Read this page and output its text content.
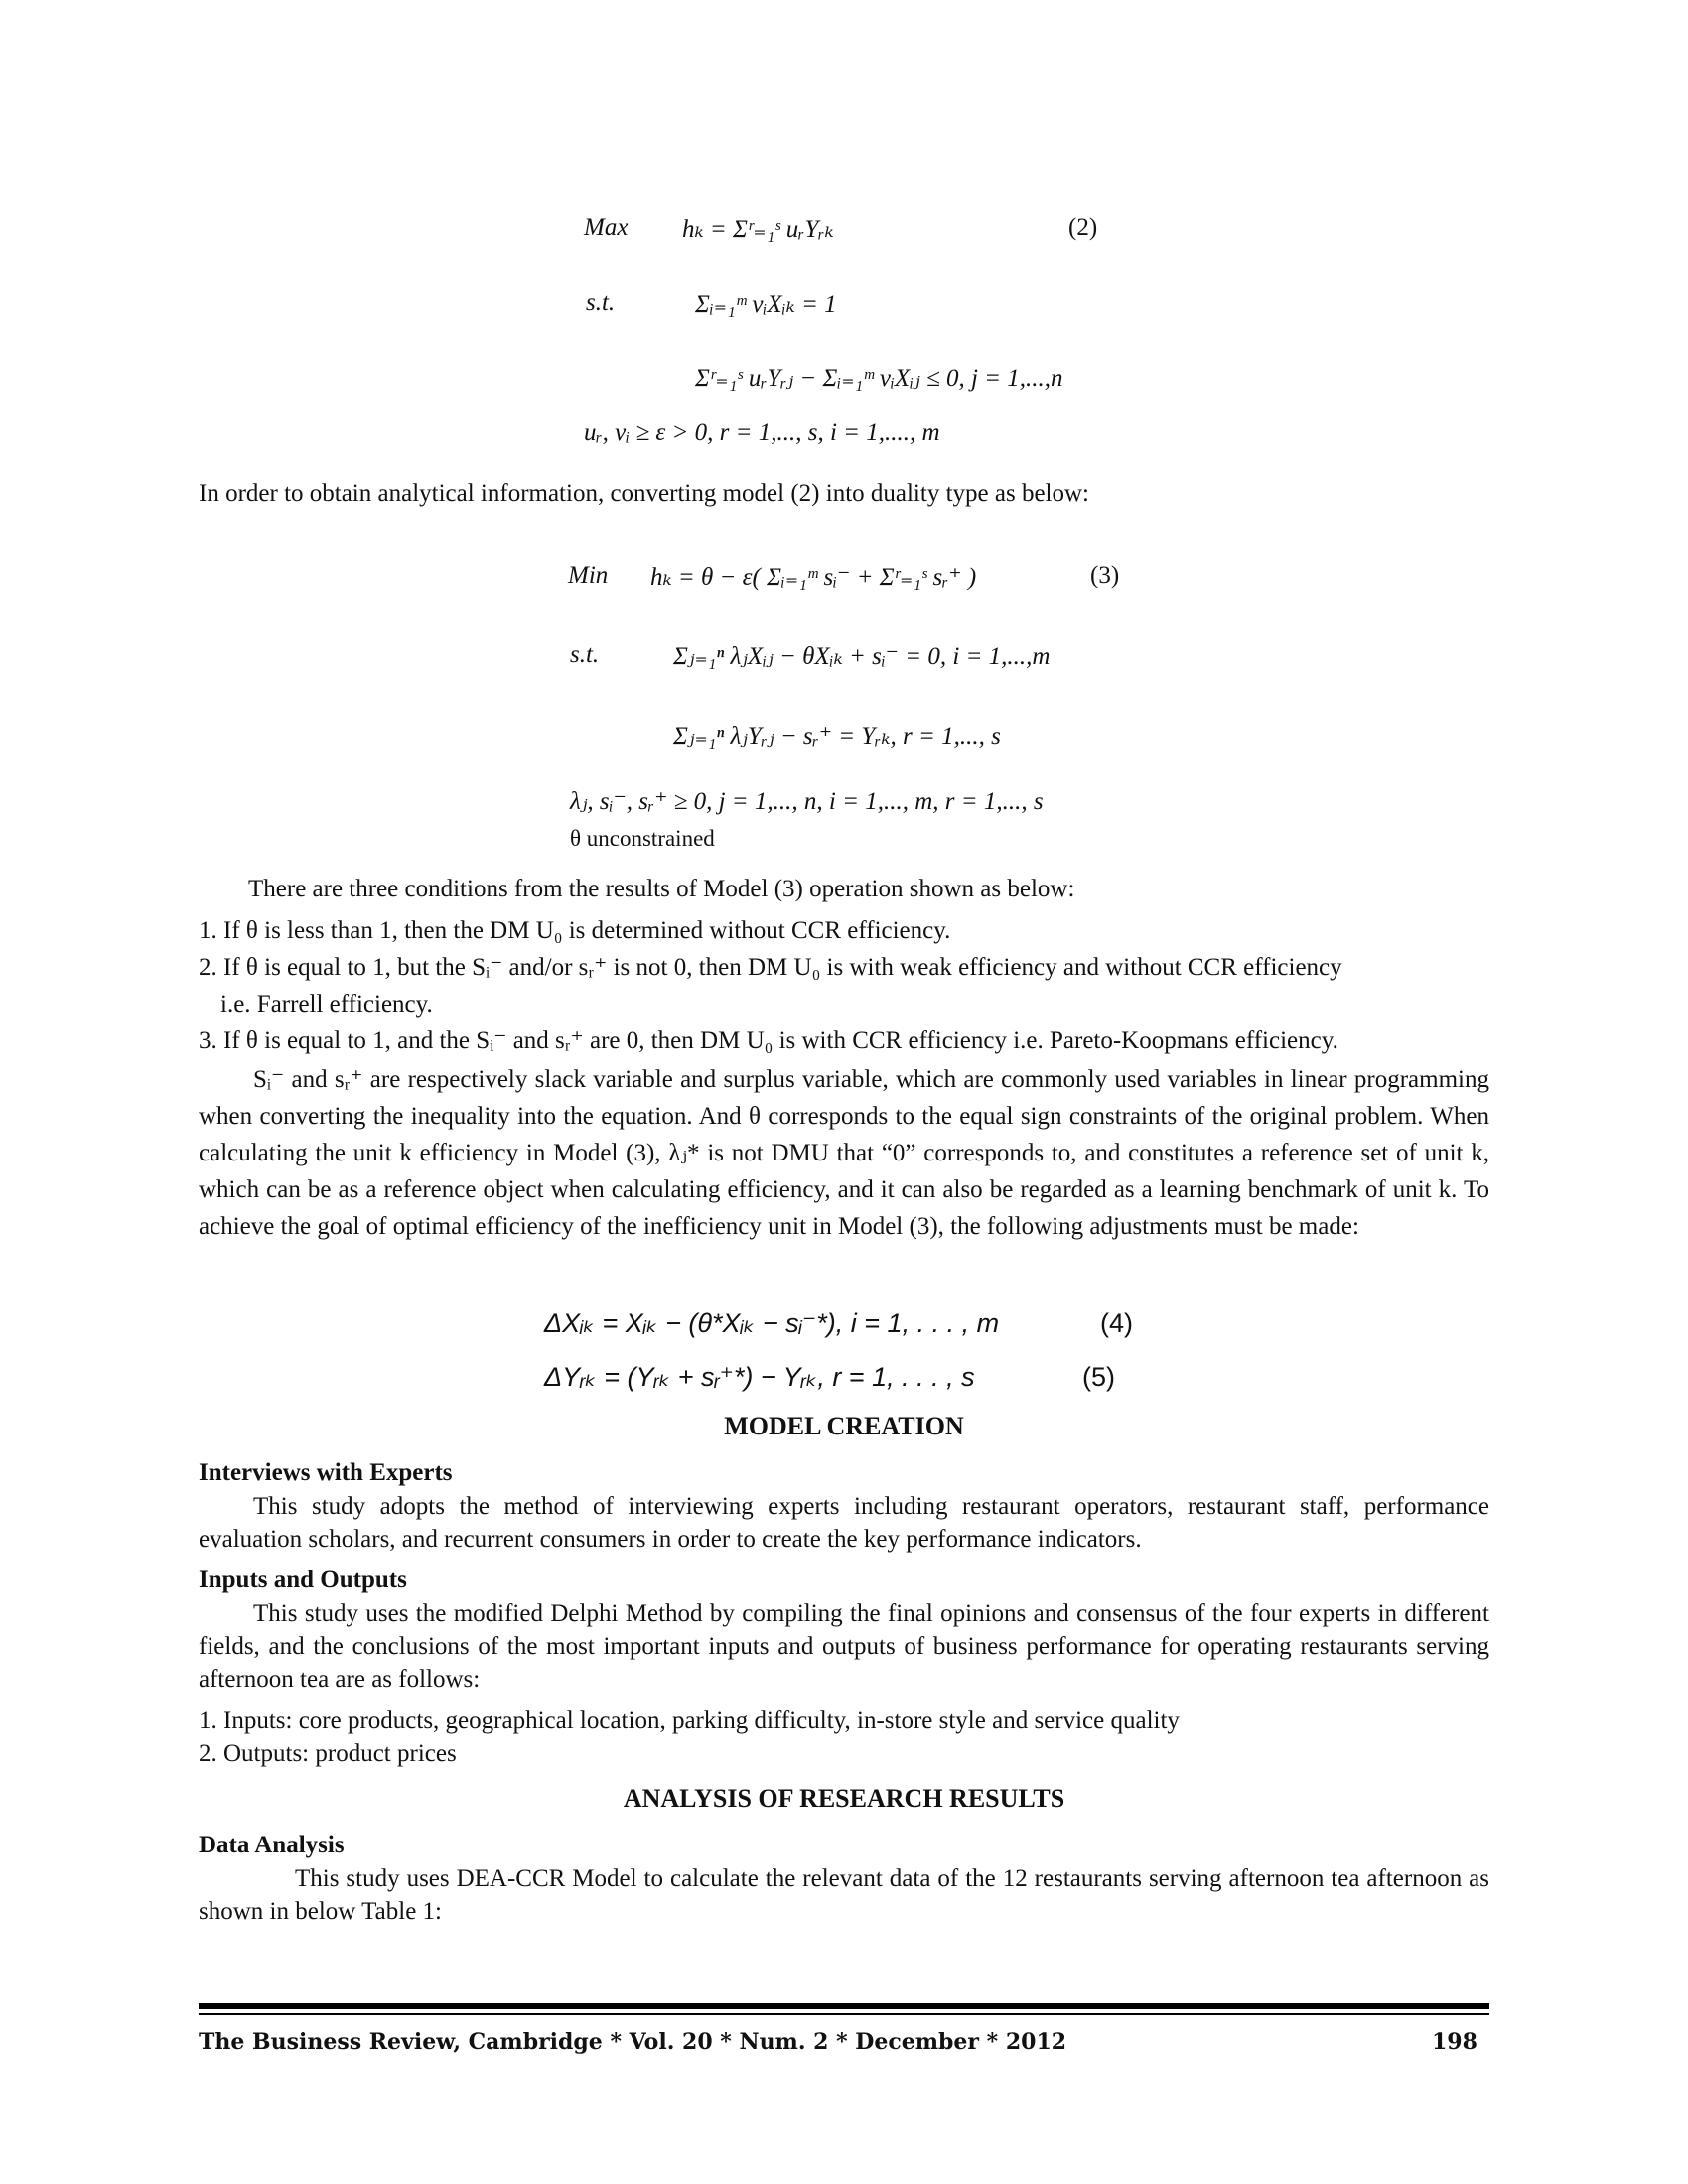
Max hₖ = Σʳ₌₁ˢ uᵣYᵣₖ	(2)
s.t.	Σᵢ₌₁ᵐ vᵢXᵢₖ = 1
Σʳ₌₁ˢ uᵣYᵣⱼ − Σᵢ₌₁ᵐ vᵢXᵢⱼ ≤ 0, j = 1,...,n
uᵣ, vᵢ ≥ ε > 0, r = 1,..., s, i = 1,...., m

In order to obtain analytical information, converting model (2) into duality type as below:

Min hₖ = θ − ε( Σᵢ₌₁ᵐ sᵢ⁻ + Σʳ₌₁ˢ sᵣ⁺ )	(3)
s.t.	Σⱼ₌₁ⁿ λⱼXᵢⱼ − θXᵢₖ + sᵢ⁻ = 0, i = 1,...,m
Σⱼ₌₁ⁿ λⱼYᵣⱼ − sᵣ⁺ = Yᵣₖ, r = 1,..., s
λⱼ, sᵢ⁻, sᵣ⁺ ≥ 0, j = 1,..., n, i = 1,..., m, r = 1,..., s
θ unconstrained

There are three conditions from the results of Model (3) operation shown as below:

1. If θ is less than 1, then the DM U₀ is determined without CCR efficiency.

2. If θ is equal to 1, but the Sᵢ⁻ and/or sᵣ⁺ is not 0, then DM U₀ is with weak efficiency and without CCR efficiency

i.e. Farrell efficiency.

3. If θ is equal to 1, and the Sᵢ⁻ and sᵣ⁺ are 0, then DM U₀ is with CCR efficiency i.e. Pareto-Koopmans efficiency.

Sᵢ⁻ and sᵣ⁺ are respectively slack variable and surplus variable, which are commonly used variables in linear programming when converting the inequality into the equation. And θ corresponds to the equal sign constraints of the original problem. When calculating the unit k efficiency in Model (3), λⱼ* is not DMU that “0” corresponds to, and constitutes a reference set of unit k, which can be as a reference object when calculating efficiency, and it can also be regarded as a learning benchmark of unit k. To achieve the goal of optimal efficiency of the inefficiency unit in Model (3), the following adjustments must be made:

ΔXᵢₖ = Xᵢₖ − (θ*Xᵢₖ − sᵢ⁻*), i = 1, . . . , m	(4)
ΔYᵣₖ = (Yᵣₖ + sᵣ⁺*) − Yᵣₖ, r = 1, . . . , s	(5)
MODEL CREATION
Interviews with Experts

This study adopts the method of interviewing experts including restaurant operators, restaurant staff, performance evaluation scholars, and recurrent consumers in order to create the key performance indicators.

Inputs and Outputs

This study uses the modified Delphi Method by compiling the final opinions and consensus of the four experts in different fields, and the conclusions of the most important inputs and outputs of business performance for operating restaurants serving afternoon tea are as follows:

1. Inputs: core products, geographical location, parking difficulty, in-store style and service quality

2. Outputs: product prices

ANALYSIS OF RESEARCH RESULTS
Data Analysis

This study uses DEA-CCR Model to calculate the relevant data of the 12 restaurants serving afternoon tea afternoon as shown in below Table 1:

The Business Review, Cambridge * Vol. 20 * Num. 2 * December * 2012	198
